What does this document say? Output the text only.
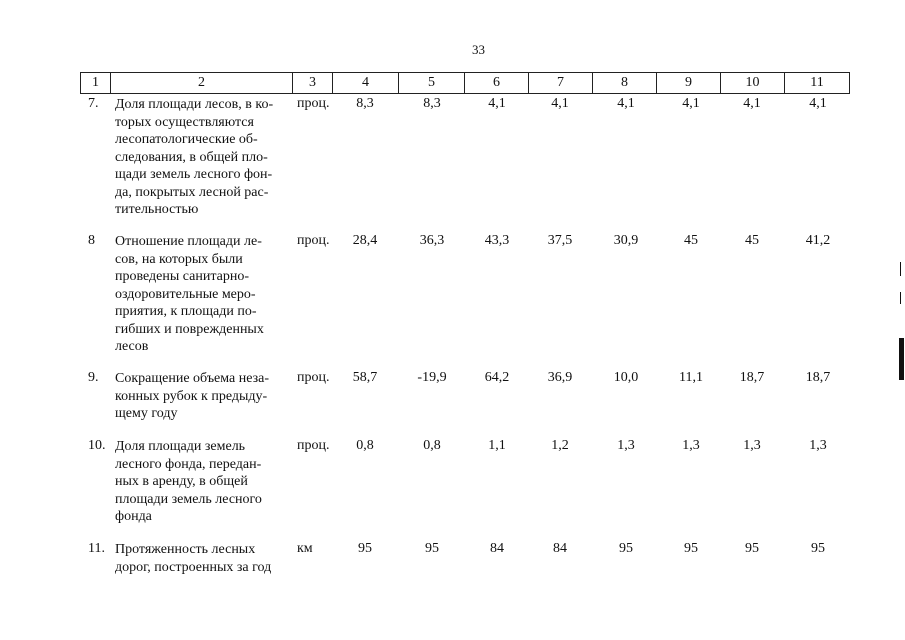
33
1	2	3	4	5	6	7	8	9	10	11
7. Доля площади лесов, в ко-
торых осуществляются
лесопатологические об-
следования, в общей пло-
щади земель лесного фон-
да, покрытых лесной рас-
тительностью
проц.	8,3	8,3	4,1	4,1	4,1	4,1	4,1	4,1
8 Отношение площади ле-
сов, на которых были
проведены санитарно-
оздоровительные меро-
приятия, к площади по-
гибших и поврежденных
лесов
проц.	28,4	36,3	43,3	37,5	30,9	45	45	41,2
9. Сокращение объема неза-
конных рубок к предыду-
щему году
проц.	58,7	-19,9	64,2	36,9	10,0	11,1	18,7	18,7
10. Доля площади земель
лесного фонда, передан-
ных в аренду, в общей
площади земель лесного
фонда
проц.	0,8	0,8	1,1	1,2	1,3	1,3	1,3	1,3
11. Протяженность лесных
дорог, построенных за год
км	95	95	84	84	95	95	95	95
